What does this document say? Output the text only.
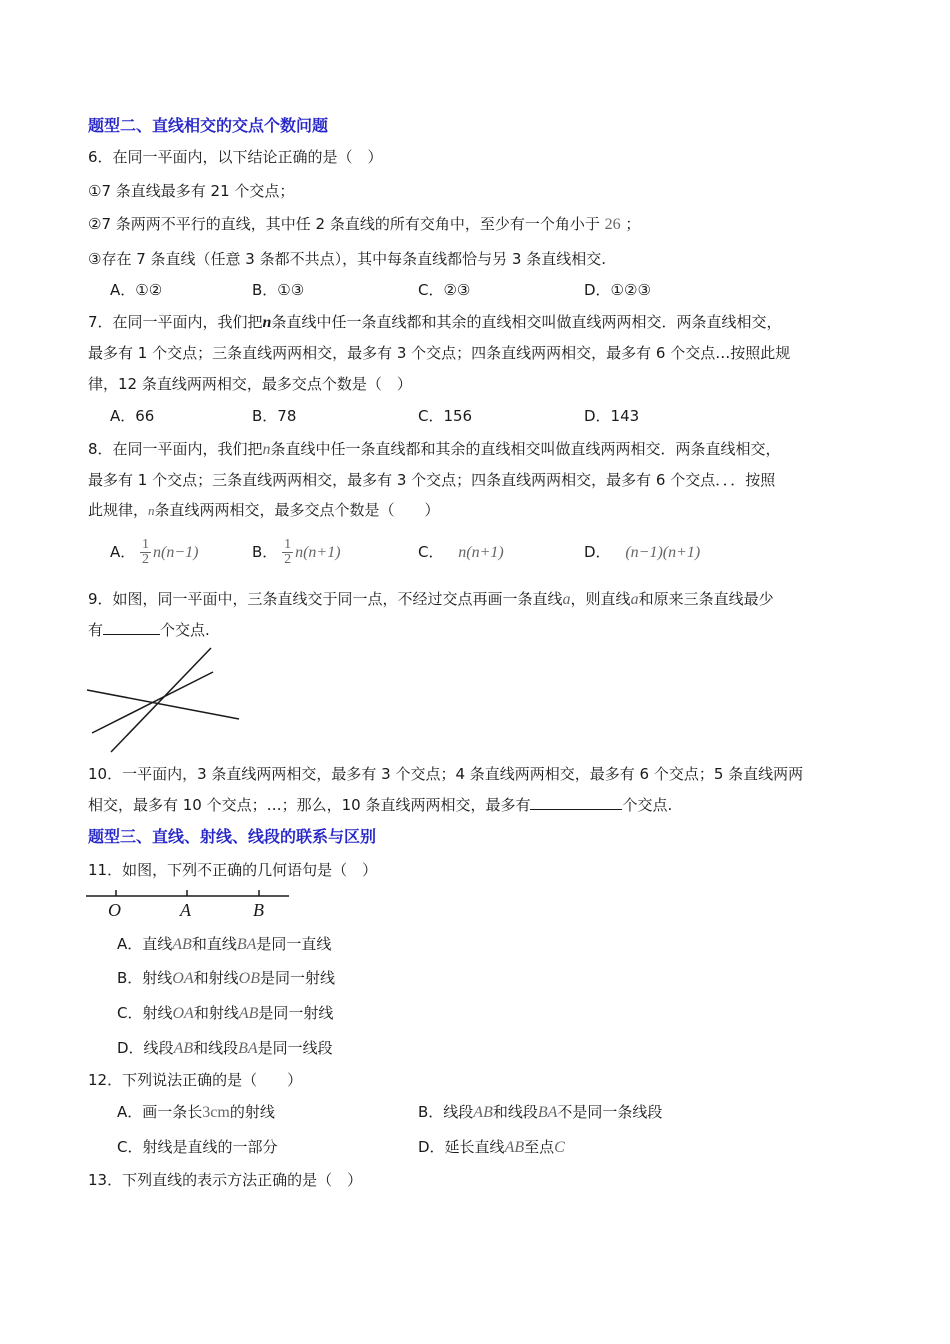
题型二、直线相交的交点个数问题
6．在同一平面内，以下结论正确的是（　）
①7 条直线最多有 21 个交点；
②7 条两两不平行的直线，其中任 2 条直线的所有交角中，至少有一个角小于 26 ；
③存在 7 条直线（任意 3 条都不共点），其中每条直线都恰与另 3 条直线相交.
A．①②	B．①③	C．②③	D．①②③
7．在同一平面内，我们把n条直线中任一条直线都和其余的直线相交叫做直线两两相交．两条直线相交，
最多有 1 个交点；三条直线两两相交，最多有 3 个交点；四条直线两两相交，最多有 6 个交点…按照此规
律，12 条直线两两相交，最多交点个数是（　）
A．66	B．78	C．156	D．143
8．在同一平面内，我们把n条直线中任一条直线都和其余的直线相交叫做直线两两相交．两条直线相交，
最多有 1 个交点；三条直线两两相交，最多有 3 个交点；四条直线两两相交，最多有 6 个交点．．．按照
此规律，n条直线两两相交，最多交点个数是（　　）
A． $\frac{1}{2} n(n-1)$	B． $\frac{1}{2} n(n+1)$	C． n(n+1)	D． (n−1)(n+1)
9．如图，同一平面中，三条直线交于同一点，不经过交点再画一条直线a，则直线a和原来三条直线最少
有	个交点.
10．一平面内，3 条直线两两相交，最多有 3 个交点；4 条直线两两相交，最多有 6 个交点；5 条直线两两
相交，最多有 10 个交点；…；那么，10 条直线两两相交，最多有	个交点.
题型三、直线、射线、线段的联系与区别
11．如图，下列不正确的几何语句是（　）
O	A	B
A．直线AB和直线BA是同一直线
B．射线OA和射线OB是同一射线
C．射线OA和射线AB是同一射线
D．线段AB和线段BA是同一线段
12．下列说法正确的是（　　）
A．画一条长3cm的射线	B．线段AB和线段BA不是同一条线段
C．射线是直线的一部分	D．延长直线AB至点C
13．下列直线的表示方法正确的是（　）
